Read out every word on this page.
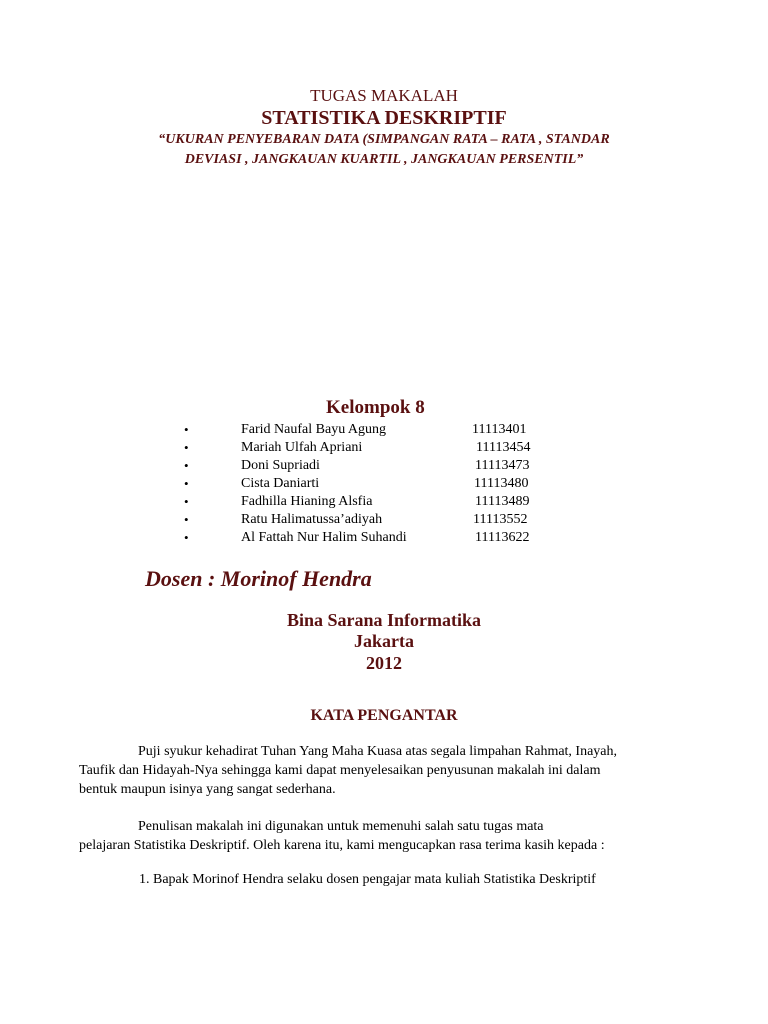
TUGAS MAKALAH
STATISTIKA DESKRIPTIF
“UKURAN PENYEBARAN DATA (SIMPANGAN RATA – RATA , STANDAR
DEVIASI , JANGKAUAN KUARTIL , JANGKAUAN PERSENTIL”
Kelompok 8
•	Farid Naufal Bayu Agung	11113401
•	Mariah Ulfah Apriani	11113454
•	Doni Supriadi	11113473
•	Cista Daniarti	11113480
•	Fadhilla Hianing Alsfia	11113489
•	Ratu Halimatussa’adiyah	11113552
•	Al Fattah Nur Halim Suhandi	11113622
Dosen : Morinof Hendra
Bina Sarana Informatika
Jakarta
2012
KATA PENGANTAR
Puji syukur kehadirat Tuhan Yang Maha Kuasa atas segala limpahan Rahmat, Inayah,
Taufik dan Hidayah-Nya sehingga kami dapat menyelesaikan penyusunan makalah ini dalam
bentuk maupun isinya yang sangat sederhana.
Penulisan makalah ini digunakan untuk memenuhi salah satu tugas mata
pelajaran Statistika Deskriptif. Oleh karena itu, kami mengucapkan rasa terima kasih kepada :
1. Bapak Morinof Hendra selaku dosen pengajar mata kuliah Statistika Deskriptif
